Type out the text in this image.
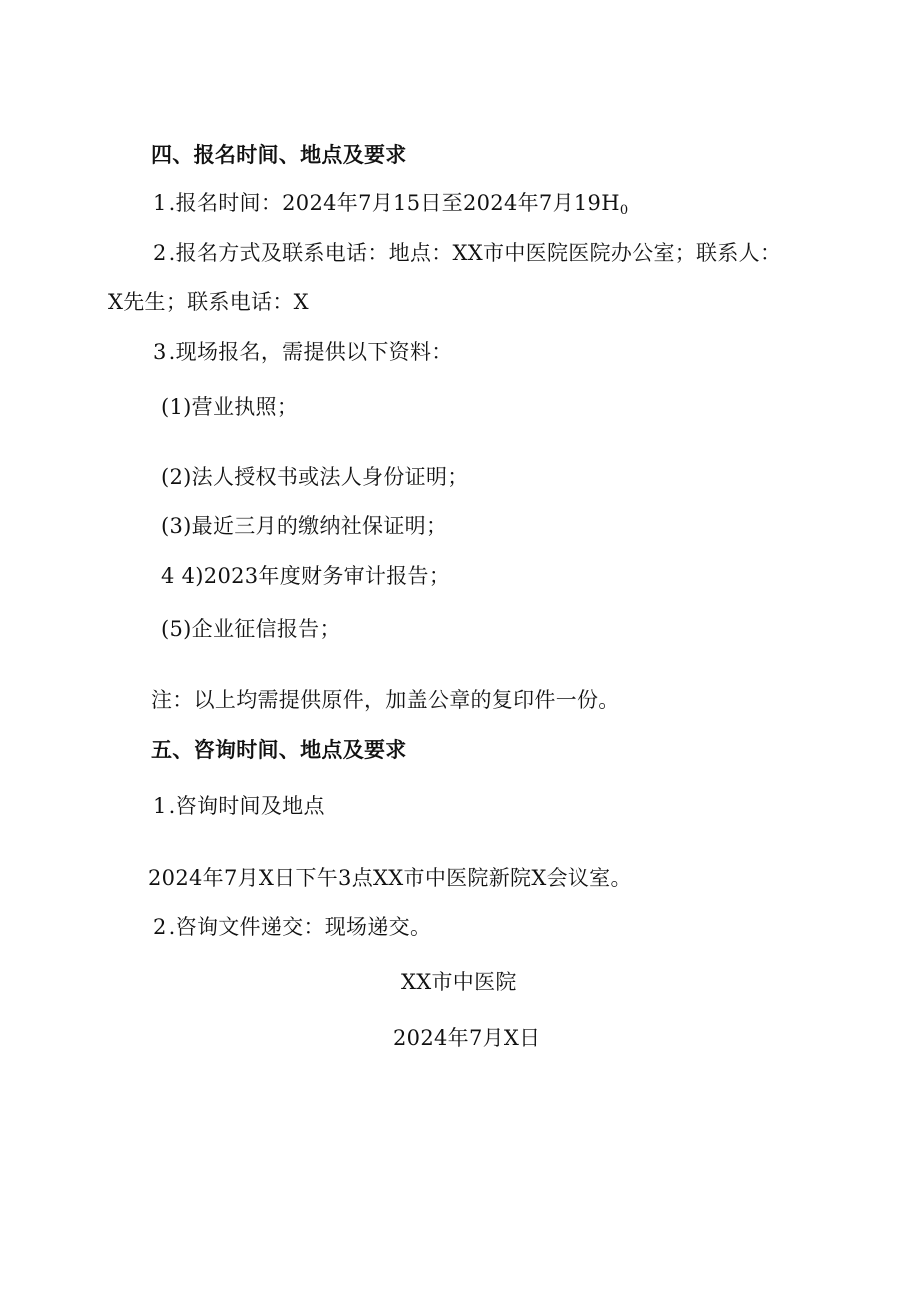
四、报名时间、地点及要求
1.报名时间：2024年7月15日至2024年7月$19H_0$
2.报名方式及联系电话：地点：XX市中医院医院办公室；联系人：
X先生；联系电话：X
3.现场报名，需提供以下资料：
(1)营业执照；
(2)法人授权书或法人身份证明；
(3)最近三月的缴纳社保证明；
4 4)2023年度财务审计报告；
(5)企业征信报告；
注：以上均需提供原件，加盖公章的复印件一份。
五、咨询时间、地点及要求
1.咨询时间及地点
2024年7月X日下午3点XX市中医院新院X会议室。
2.咨询文件递交：现场递交。
XX市中医院
2024年7月X日
